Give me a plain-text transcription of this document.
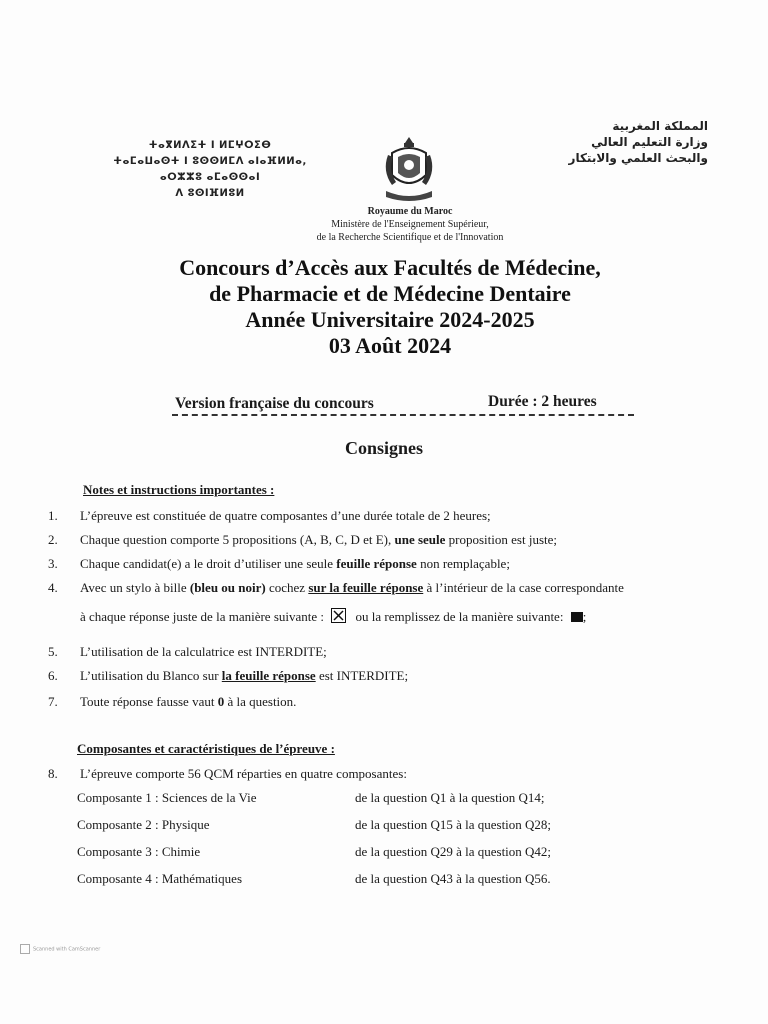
ⵜⴰⴳⵍⴷⵉⵜ ⵏ ⵍⵎⵖⵔⵉⴱ
ⵜⴰⵎⴰⵡⴰⵙⵜ ⵏ ⵓⵙⵙⵍⵎⴷ ⴰⵏⴰⴼⵍⵍⴰ, ⴰⵔⵣⵣⵓ ⴰⵎⴰⵙⵙⴰⵏ
ⴷ ⵓⵙⵏⴼⵍⵓⵍ
المملكة المغربية
وزارة التعليم العالي
والبحث العلمي والابتكار
Royaume du Maroc
Ministère de l'Enseignement Supérieur,
de la Recherche Scientifique et de l'Innovation
Concours d’Accès aux Facultés de Médecine,
de Pharmacie et de Médecine Dentaire
Année Universitaire 2024-2025
03 Août 2024
Version française du concours	Durée : 2 heures
Consignes
Notes et instructions importantes :
1. L’épreuve est constituée de quatre composantes d’une durée totale de 2 heures;
2. Chaque question comporte 5 propositions (A, B, C, D et E), une seule proposition est juste;
3. Chaque candidat(e) a le droit d’utiliser une seule feuille réponse non remplaçable;
4. Avec un stylo à bille (bleu ou noir) cochez sur la feuille réponse à l’intérieur de la case correspondante
à chaque réponse juste de la manière suivante : ☒ ou la remplissez de la manière suivante: ;
5. L’utilisation de la calculatrice est INTERDITE;
6. L’utilisation du Blanco sur la feuille réponse est INTERDITE;
7. Toute réponse fausse vaut 0 à la question.
Composantes et caractéristiques de l’épreuve :
8. L’épreuve comporte 56 QCM réparties en quatre composantes:
Composante 1 : Sciences de la Vie	de la question Q1 à la question Q14;
Composante 2 : Physique	de la question Q15 à la question Q28;
Composante 3 : Chimie	de la question Q29 à la question Q42;
Composante 4 : Mathématiques	de la question Q43 à la question Q56.
Scanned with CamScanner
